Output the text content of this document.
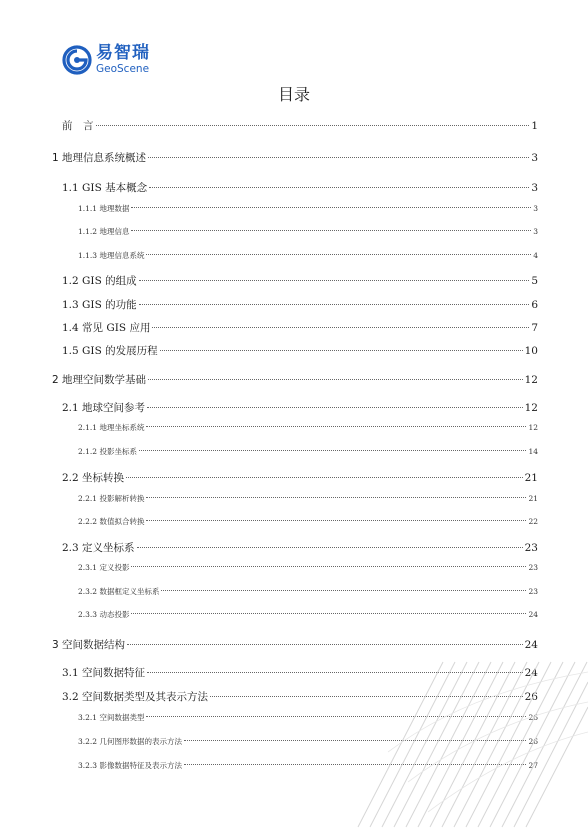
易智瑞
GeoScene
目录
前　言	1
1 地理信息系统概述	3
1.1 GIS 基本概念	3
1.1.1 地理数据	3
1.1.2 地理信息	3
1.1.3 地理信息系统	4
1.2 GIS 的组成	5
1.3 GIS 的功能	6
1.4 常见 GIS 应用	7
1.5 GIS 的发展历程	10
2 地理空间数学基础	12
2.1 地球空间参考	12
2.1.1 地理坐标系统	12
2.1.2 投影坐标系	14
2.2 坐标转换	21
2.2.1 投影解析转换	21
2.2.2 数值拟合转换	22
2.3 定义坐标系	23
2.3.1 定义投影	23
2.3.2 数据框定义坐标系	23
2.3.3 动态投影	24
3 空间数据结构	24
3.1 空间数据特征	24
3.2 空间数据类型及其表示方法	26
3.2.1 空间数据类型	26
3.2.2 几何图形数据的表示方法	26
3.2.3 影像数据特征及表示方法	27
